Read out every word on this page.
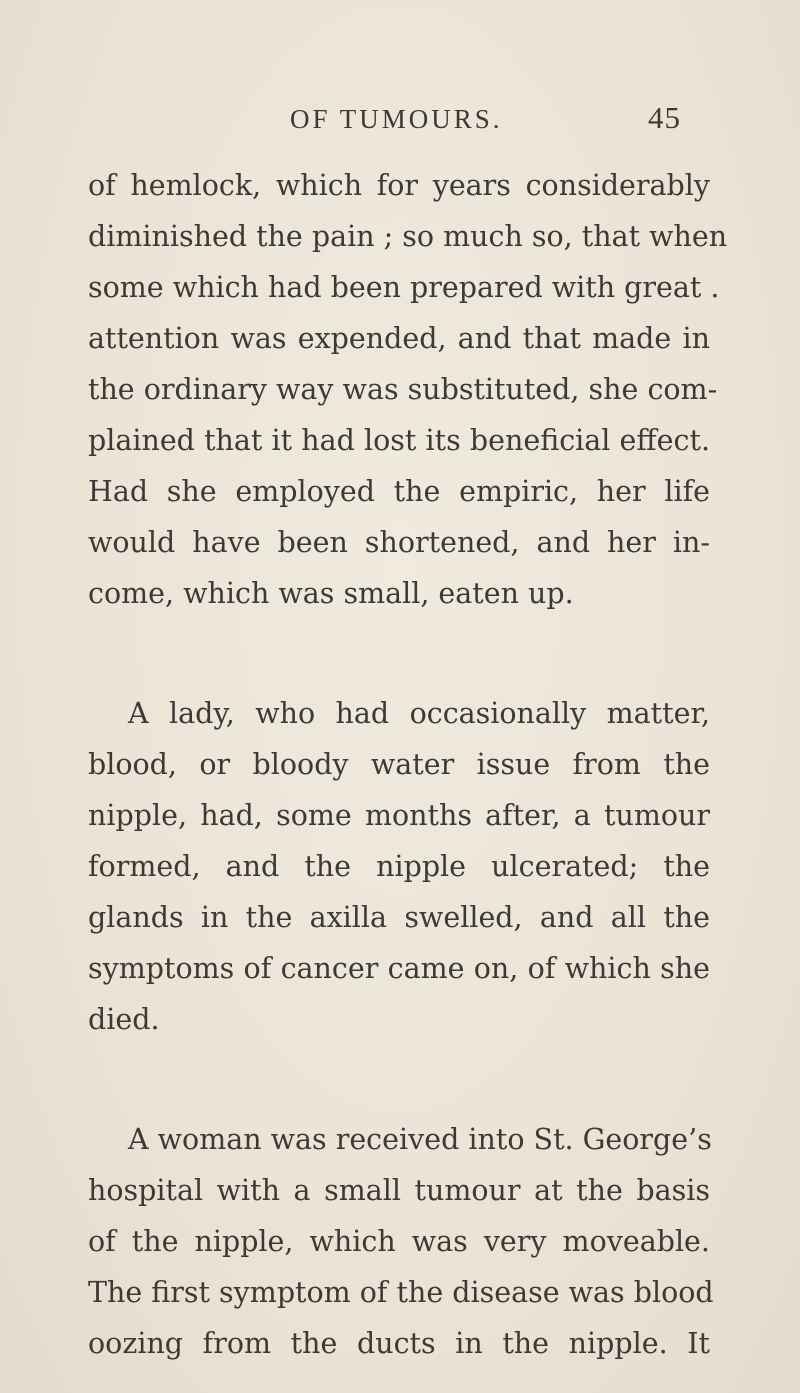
OF TUMOURS.	45
of hemlock, which for years considerably
diminished the pain ; so much so, that when
some which had been prepared with great .
attention was expended, and that made in
the ordinary way was substituted, she com-
plained that it had lost its beneficial effect.
Had she employed the empiric, her life
would have been shortened, and her in-
come, which was small, eaten up.
A lady, who had occasionally matter,
blood, or bloody water issue from the
nipple, had, some months after, a tumour
formed, and the nipple ulcerated; the
glands in the axilla swelled, and all the
symptoms of cancer came on, of which she
died.
A woman was received into St. George’s
hospital with a small tumour at the basis
of the nipple, which was very moveable.
The first symptom of the disease was blood
oozing from the ducts in the nipple. It
